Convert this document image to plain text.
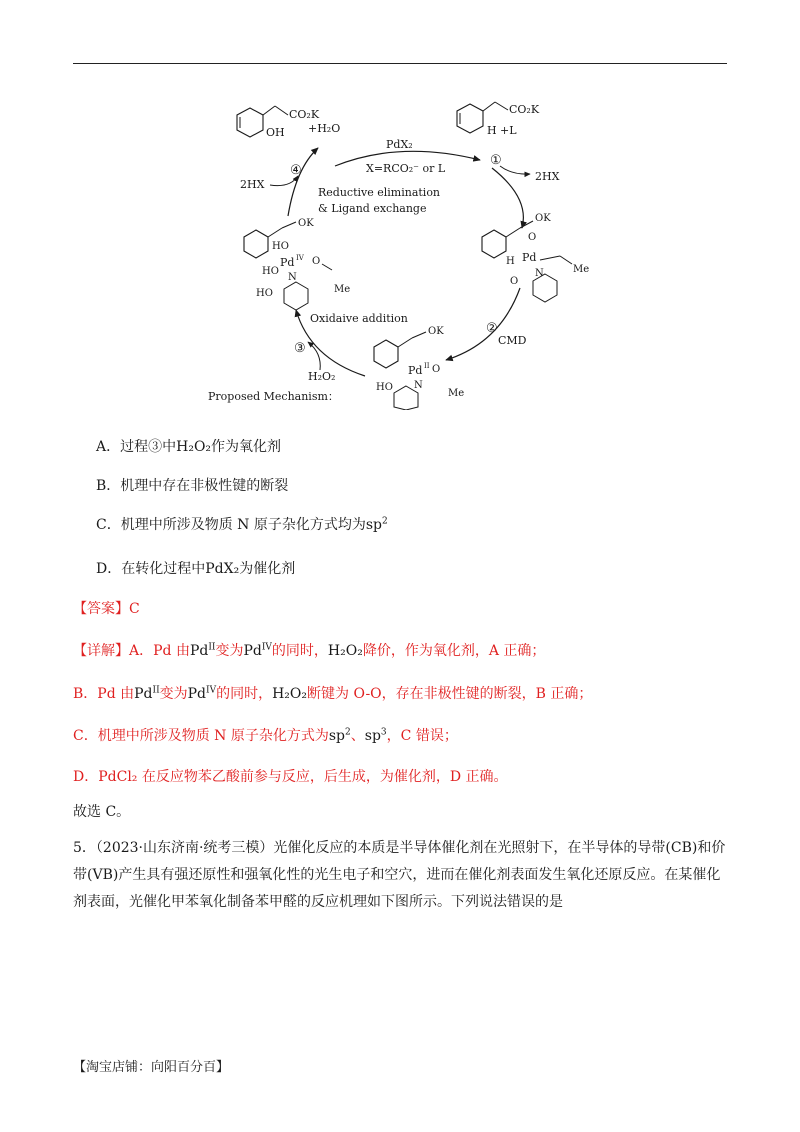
CO₂K
OH +H₂O
CO₂K
H +L
PdX₂
X=RCO₂⁻ or L
Reductive elimination
& Ligand exchange
Oxidaive addition
④
①
②
③
2HX
2HX
CMD
H₂O₂
OK
O
Pd
H
N
O
Me
OK
HO
Pd IV
HO
N
HO
O
Me
OK
Pd II O
N
HO
Me
Proposed Mechanism：
A．过程③中H₂O₂作为氧化剂
B．机理中存在非极性键的断裂
C．机理中所涉及物质 N 原子杂化方式均为$sp^2$
D．在转化过程中PdX₂为催化剂
【答案】C
【详解】A．Pd 由$Pd^{II}$变为$Pd^{IV}$的同时，H₂O₂降价，作为氧化剂，A 正确；
B．Pd 由$Pd^{II}$变为$Pd^{IV}$的同时，H₂O₂断键为 O-O，存在非极性键的断裂，B 正确；
C．机理中所涉及物质 N 原子杂化方式为$sp^2$、$sp^3$，C 错误；
D．PdCl₂ 在反应物苯乙酸前参与反应，后生成，为催化剂，D 正确。
故选 C。
5．（2023·山东济南·统考三模）光催化反应的本质是半导体催化剂在光照射下，在半导体的导带(CB)和价带(VB)产生具有强还原性和强氧化性的光生电子和空穴，进而在催化剂表面发生氧化还原反应。在某催化剂表面，光催化甲苯氧化制备苯甲醛的反应机理如下图所示。下列说法错误的是
【淘宝店铺：向阳百分百】
